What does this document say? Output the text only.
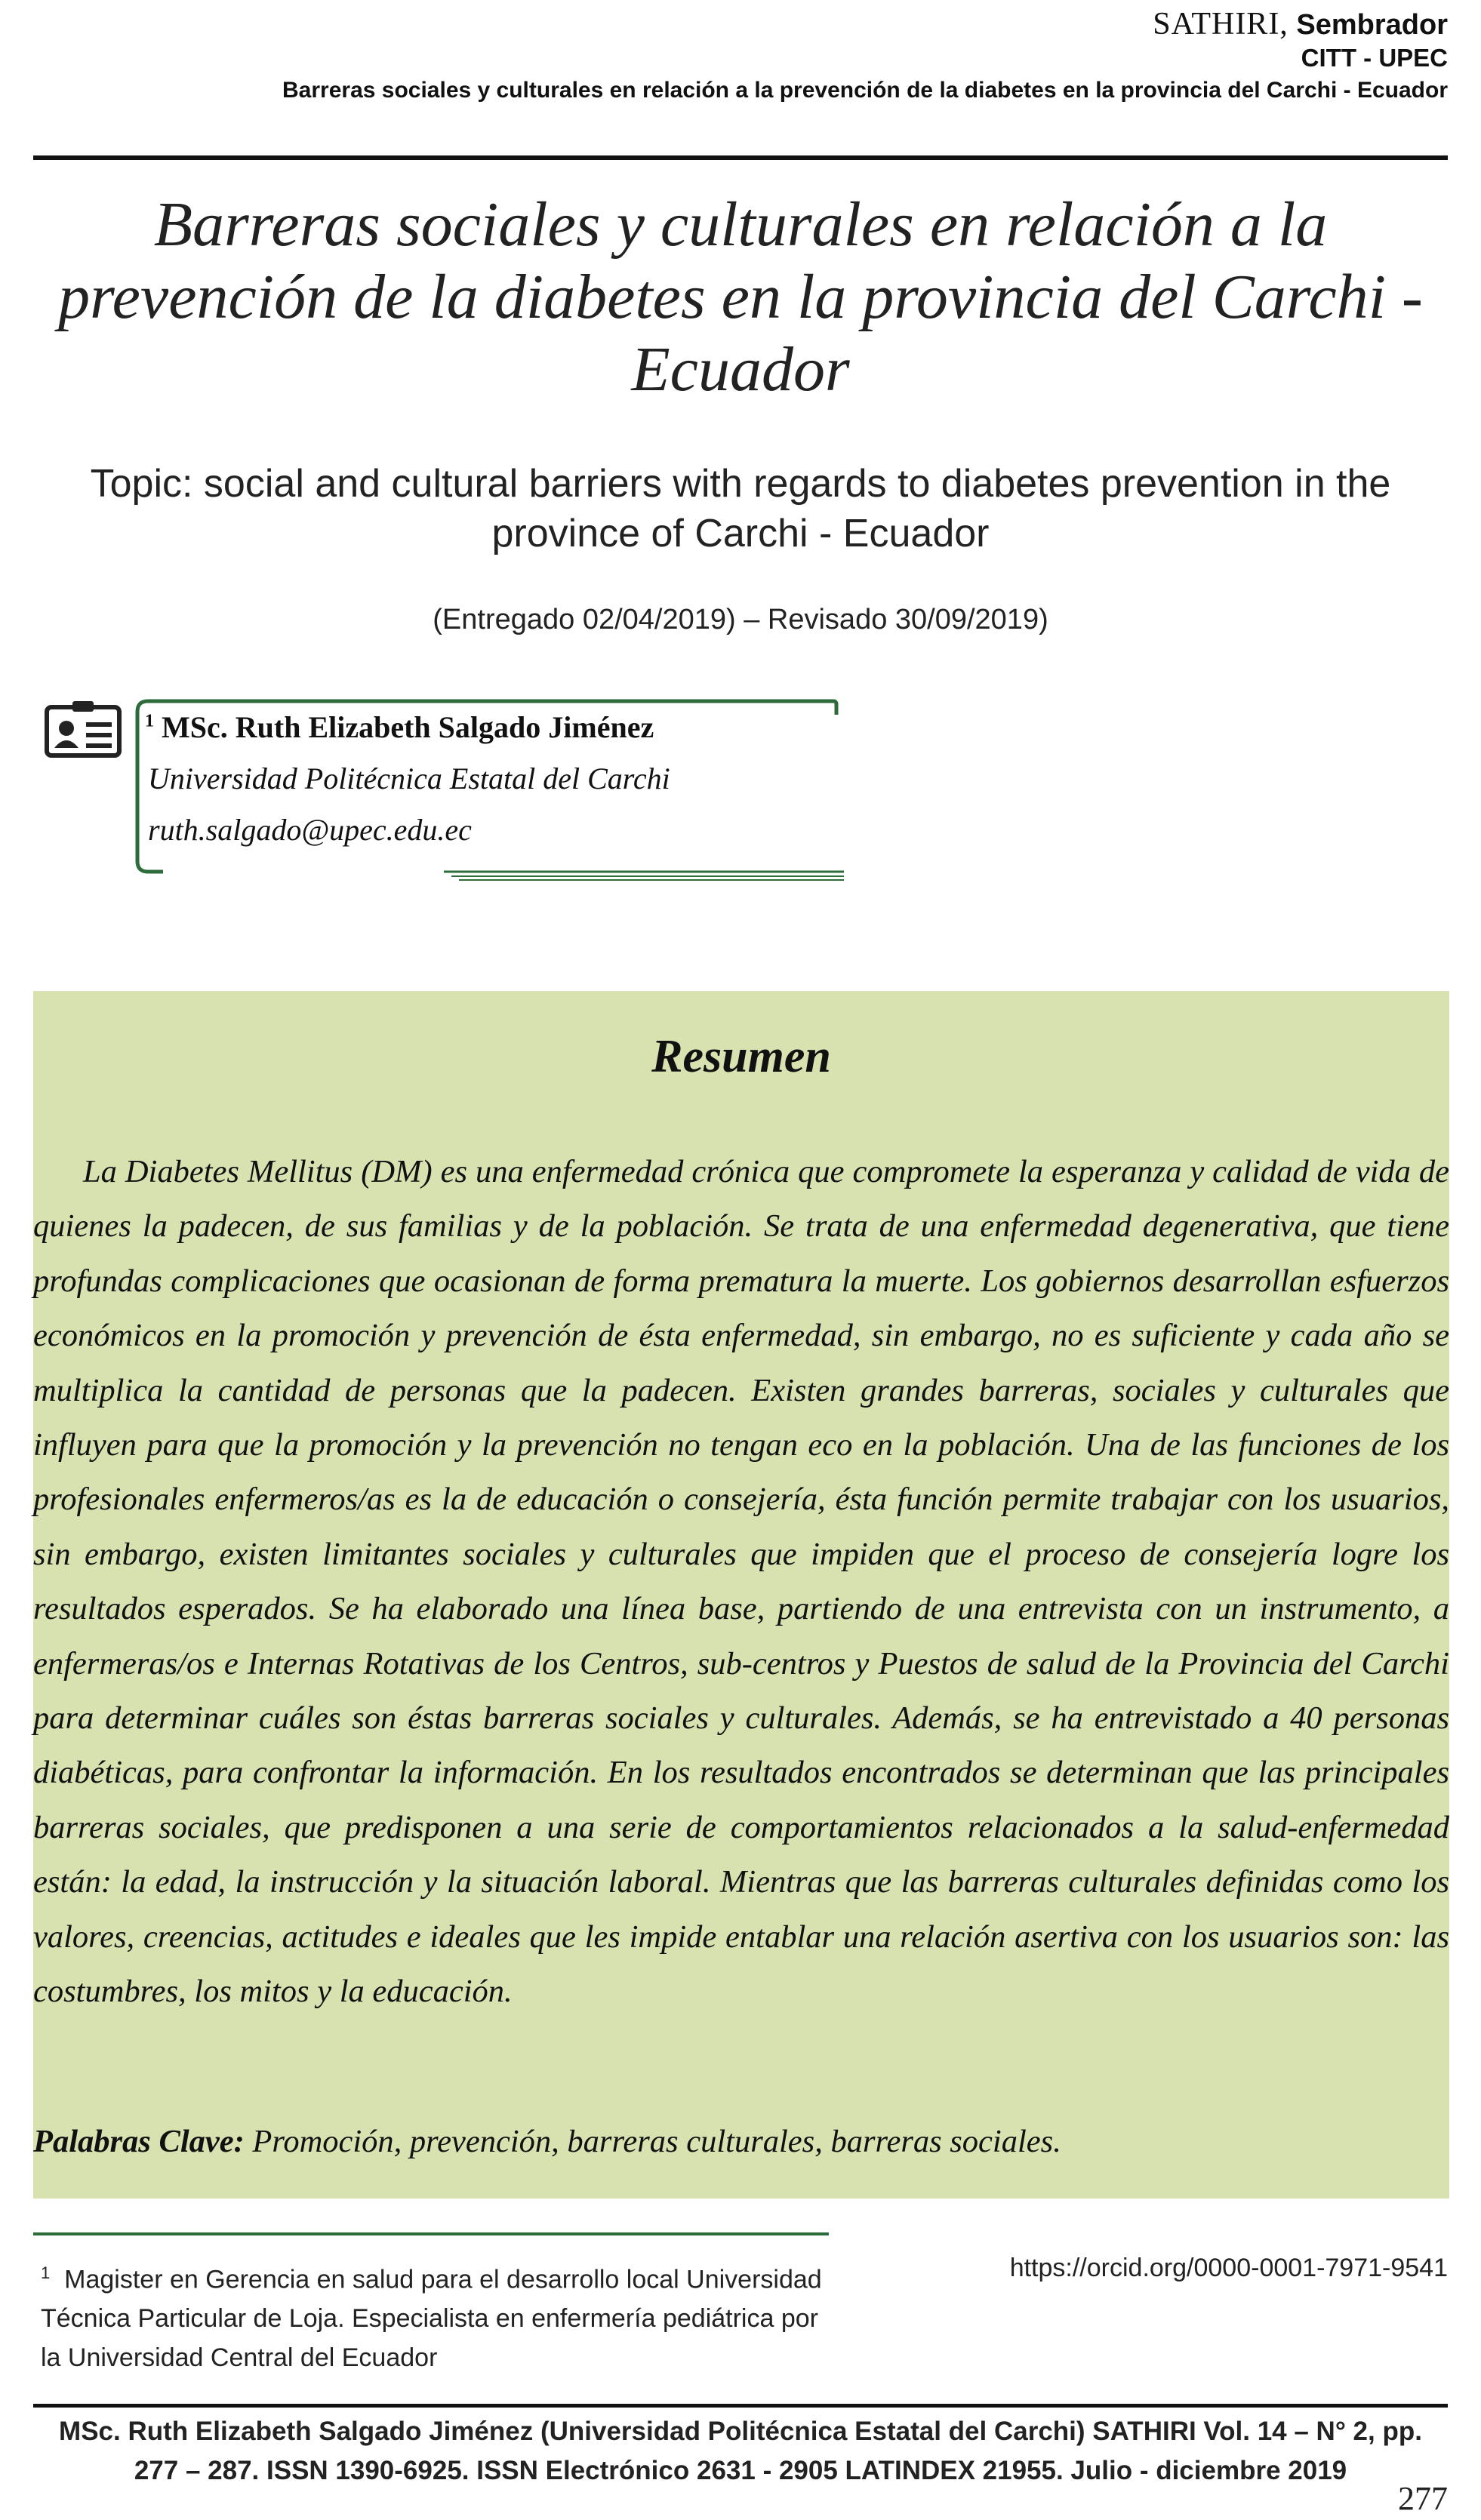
SATHIRI, Sembrador
CITT - UPEC
Barreras sociales y culturales en relación a la prevención de la diabetes en la provincia del Carchi - Ecuador
Barreras sociales y culturales en relación a la prevención de la diabetes en la provincia del Carchi - Ecuador
Topic: social and cultural barriers with regards to diabetes prevention in the province of Carchi - Ecuador
(Entregado 02/04/2019) – Revisado 30/09/2019)
$^1$ MSc. Ruth Elizabeth Salgado Jiménez
Universidad Politécnica Estatal del Carchi
ruth.salgado@upec.edu.ec
Resumen
La Diabetes Mellitus (DM) es una enfermedad crónica que compromete la esperanza y calidad de vida de quienes la padecen, de sus familias y de la población. Se trata de una enfermedad degenerativa, que tiene profundas complicaciones que ocasionan de forma prematura la muerte. Los gobiernos desarrollan esfuerzos económicos en la promoción y prevención de ésta enfermedad, sin embargo, no es suficiente y cada año se multiplica la cantidad de personas que la padecen. Existen grandes barreras, sociales y culturales que influyen para que la promoción y la prevención no tengan eco en la población. Una de las funciones de los profesionales enfermeros/as es la de educación o consejería, ésta función permite trabajar con los usuarios, sin embargo, existen limitantes sociales y culturales que impiden que el proceso de consejería logre los resultados esperados. Se ha elaborado una línea base, partiendo de una entrevista con un instrumento, a enfermeras/os e Internas Rotativas de los Centros, sub-centros y Puestos de salud de la Provincia del Carchi para determinar cuáles son éstas barreras sociales y culturales. Además, se ha entrevistado a 40 personas diabéticas, para confrontar la información. En los resultados encontrados se determinan que las principales barreras sociales, que predisponen a una serie de comportamientos relacionados a la salud-enfermedad están: la edad, la instrucción y la situación laboral. Mientras que las barreras culturales definidas como los valores, creencias, actitudes e ideales que les impide entablar una relación asertiva con los usuarios son: las costumbres, los mitos y la educación.
Palabras Clave: Promoción, prevención, barreras culturales, barreras sociales.
$^1$ Magister en Gerencia en salud para el desarrollo local Universidad Técnica Particular de Loja. Especialista en enfermería pediátrica por la Universidad Central del Ecuador
https://orcid.org/0000-0001-7971-9541
MSc. Ruth Elizabeth Salgado Jiménez (Universidad Politécnica Estatal del Carchi) SATHIRI Vol. 14 – N° 2, pp. 277 – 287. ISSN 1390-6925. ISSN Electrónico 2631 - 2905 LATINDEX 21955. Julio - diciembre 2019
277
